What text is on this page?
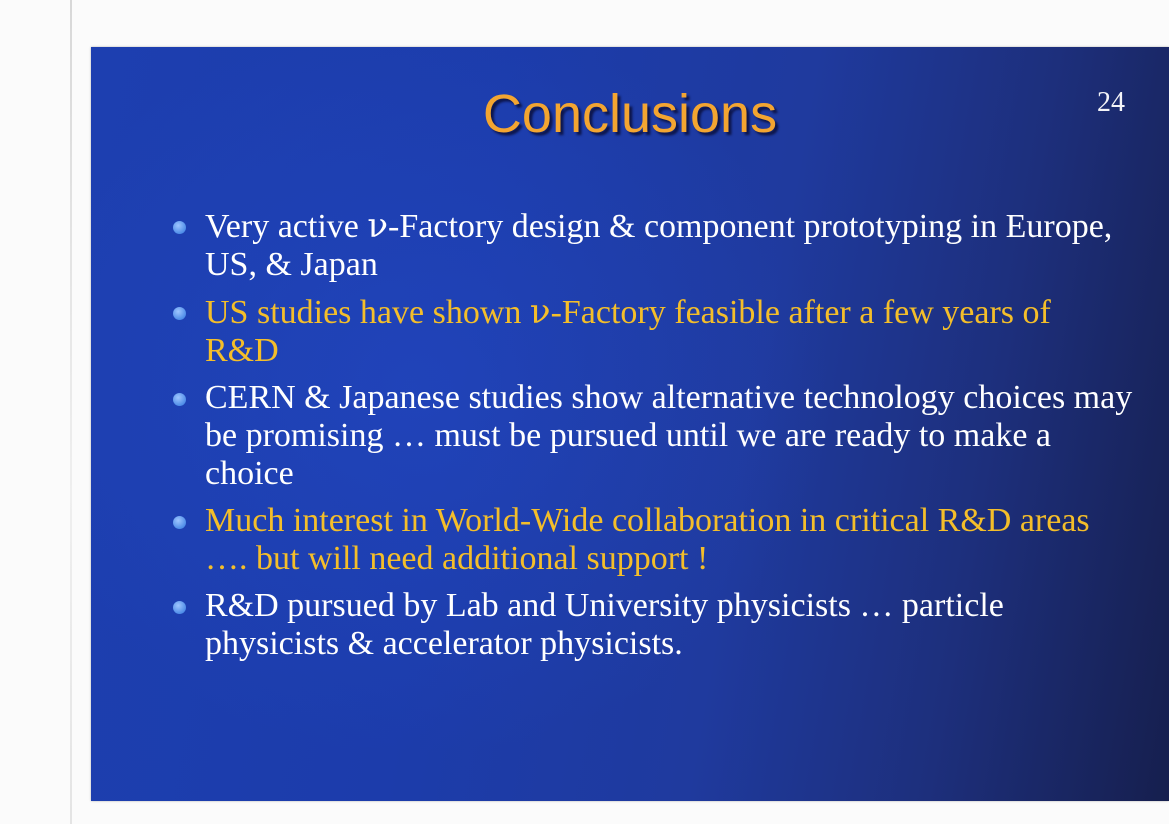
Conclusions	24
Very active ν-Factory design & component prototyping in Europe, US, & Japan
US studies have shown ν-Factory feasible after a few years of R&D
CERN & Japanese studies show alternative technology choices may be promising … must be pursued until we are ready to make a choice
Much interest in World-Wide collaboration in critical R&D areas …. but will need additional support !
R&D pursued by Lab and University physicists … particle physicists & accelerator physicists.
